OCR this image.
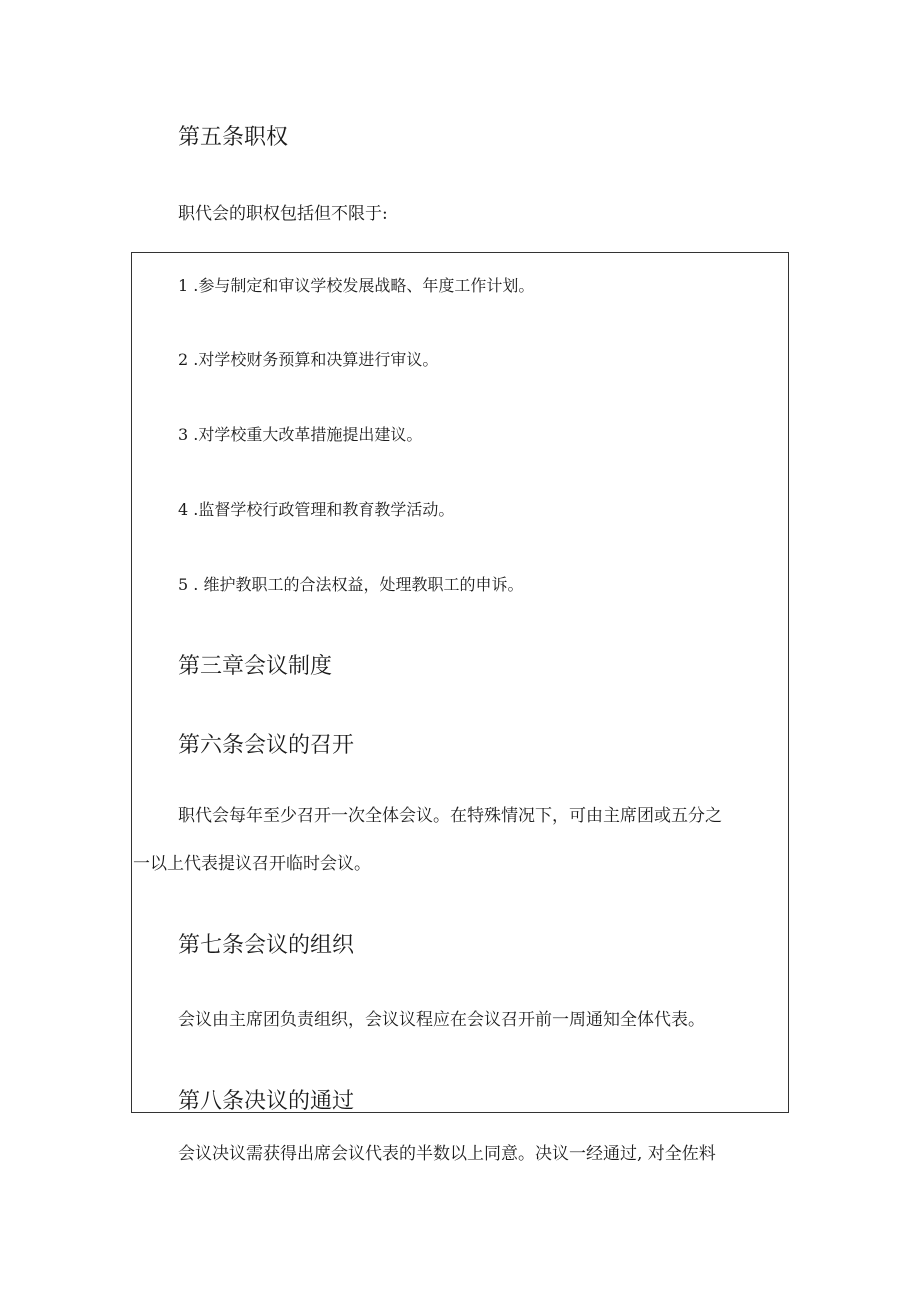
第五条职权
职代会的职权包括但不限于:
1 .参与制定和审议学校发展战略、年度工作计划。
2 .对学校财务预算和决算进行审议。
3 .对学校重大改革措施提出建议。
4 .监督学校行政管理和教育教学活动。
5 . 维护教职工的合法权益，处理教职工的申诉。
第三章会议制度
第六条会议的召开
职代会每年至少召开一次全体会议。在特殊情况下，可由主席团或五分之
一以上代表提议召开临时会议。
第七条会议的组织
会议由主席团负责组织，会议议程应在会议召开前一周通知全体代表。
第八条决议的通过
会议决议需获得出席会议代表的半数以上同意。决议一经通过, 对全佐料
